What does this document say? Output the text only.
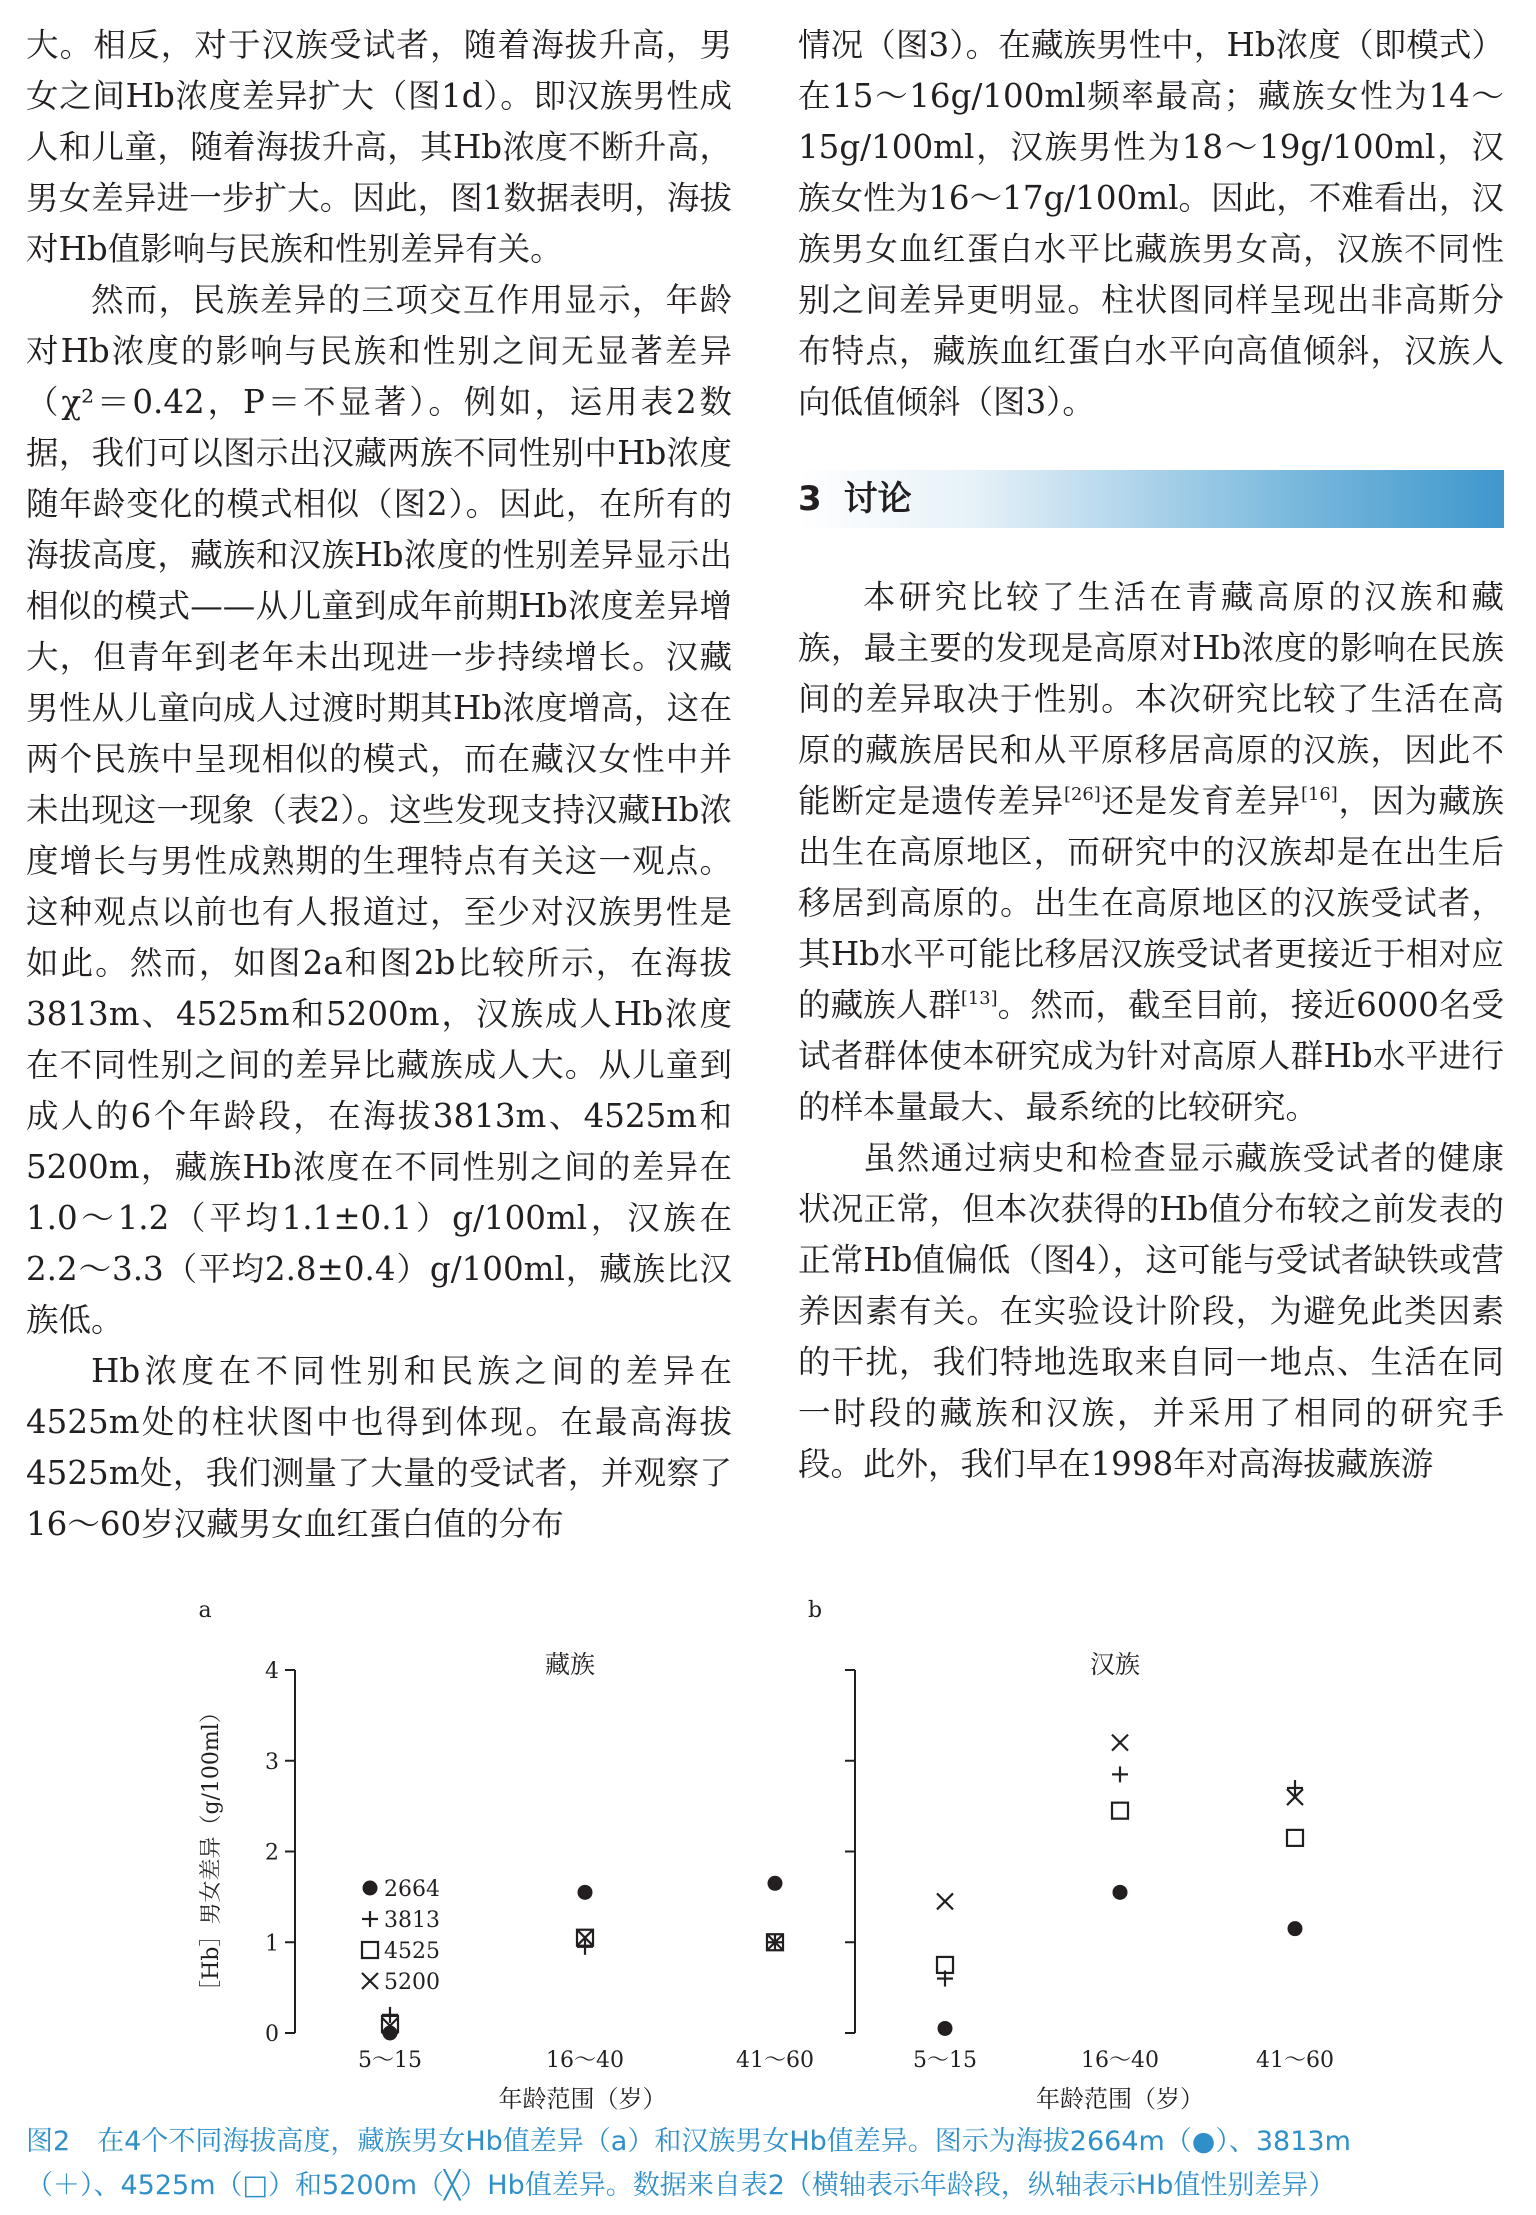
大。相反，对于汉族受试者，随着海拔升高，男女之间Hb浓度差异扩大（图1d）。即汉族男性成人和儿童，随着海拔升高，其Hb浓度不断升高，男女差异进一步扩大。因此，图1数据表明，海拔对Hb值影响与民族和性别差异有关。

然而，民族差异的三项交互作用显示，年龄对Hb浓度的影响与民族和性别之间无显著差异（χ²＝0.42，P＝不显著）。例如，运用表2数据，我们可以图示出汉藏两族不同性别中Hb浓度随年龄变化的模式相似（图2）。因此，在所有的海拔高度，藏族和汉族Hb浓度的性别差异显示出相似的模式——从儿童到成年前期Hb浓度差异增大，但青年到老年未出现进一步持续增长。汉藏男性从儿童向成人过渡时期其Hb浓度增高，这在两个民族中呈现相似的模式，而在藏汉女性中并未出现这一现象（表2）。这些发现支持汉藏Hb浓度增长与男性成熟期的生理特点有关这一观点。这种观点以前也有人报道过，至少对汉族男性是如此。然而，如图2a和图2b比较所示，在海拔3813m、4525m和5200m，汉族成人Hb浓度在不同性别之间的差异比藏族成人大。从儿童到成人的6个年龄段，在海拔3813m、4525m和5200m，藏族Hb浓度在不同性别之间的差异在1.0～1.2（平均1.1±0.1）g/100ml，汉族在2.2～3.3（平均2.8±0.4）g/100ml，藏族比汉族低。

Hb浓度在不同性别和民族之间的差异在4525m处的柱状图中也得到体现。在最高海拔4525m处，我们测量了大量的受试者，并观察了16～60岁汉藏男女血红蛋白值的分布

情况（图3）。在藏族男性中，Hb浓度（即模式）在15～16g/100ml频率最高；藏族女性为14～15g/100ml，汉族男性为18～19g/100ml，汉族女性为16～17g/100ml。因此，不难看出，汉族男女血红蛋白水平比藏族男女高，汉族不同性别之间差异更明显。柱状图同样呈现出非高斯分布特点，藏族血红蛋白水平向高值倾斜，汉族人向低值倾斜（图3）。

3 讨论

本研究比较了生活在青藏高原的汉族和藏族，最主要的发现是高原对Hb浓度的影响在民族间的差异取决于性别。本次研究比较了生活在高原的藏族居民和从平原移居高原的汉族，因此不能断定是遗传差异[26]还是发育差异[16]，因为藏族出生在高原地区，而研究中的汉族却是在出生后移居到高原的。出生在高原地区的汉族受试者，其Hb水平可能比移居汉族受试者更接近于相对应的藏族人群[13]。然而，截至目前，接近6000名受试者群体使本研究成为针对高原人群Hb水平进行的样本量最大、最系统的比较研究。

虽然通过病史和检查显示藏族受试者的健康状况正常，但本次获得的Hb值分布较之前发表的正常Hb值偏低（图4），这可能与受试者缺铁或营养因素有关。在实验设计阶段，为避免此类因素的干扰，我们特地选取来自同一地点、生活在同一时段的藏族和汉族，并采用了相同的研究手段。此外，我们早在1998年对高海拔藏族游

a
藏族
0
1
2
3
4
［Hb］男女差异（g/100ml）	2664
3813
4525
5200
5～15	16～40	41～60
年龄范围（岁）
b
汉族
5～15	16～40	41～60
年龄范围（岁）
图2　在4个不同海拔高度，藏族男女Hb值差异（a）和汉族男女Hb值差异。图示为海拔2664m（●）、3813m
（＋）、4525m（□）和5200m（╳）Hb值差异。数据来自表2（横轴表示年龄段，纵轴表示Hb值性别差异）
